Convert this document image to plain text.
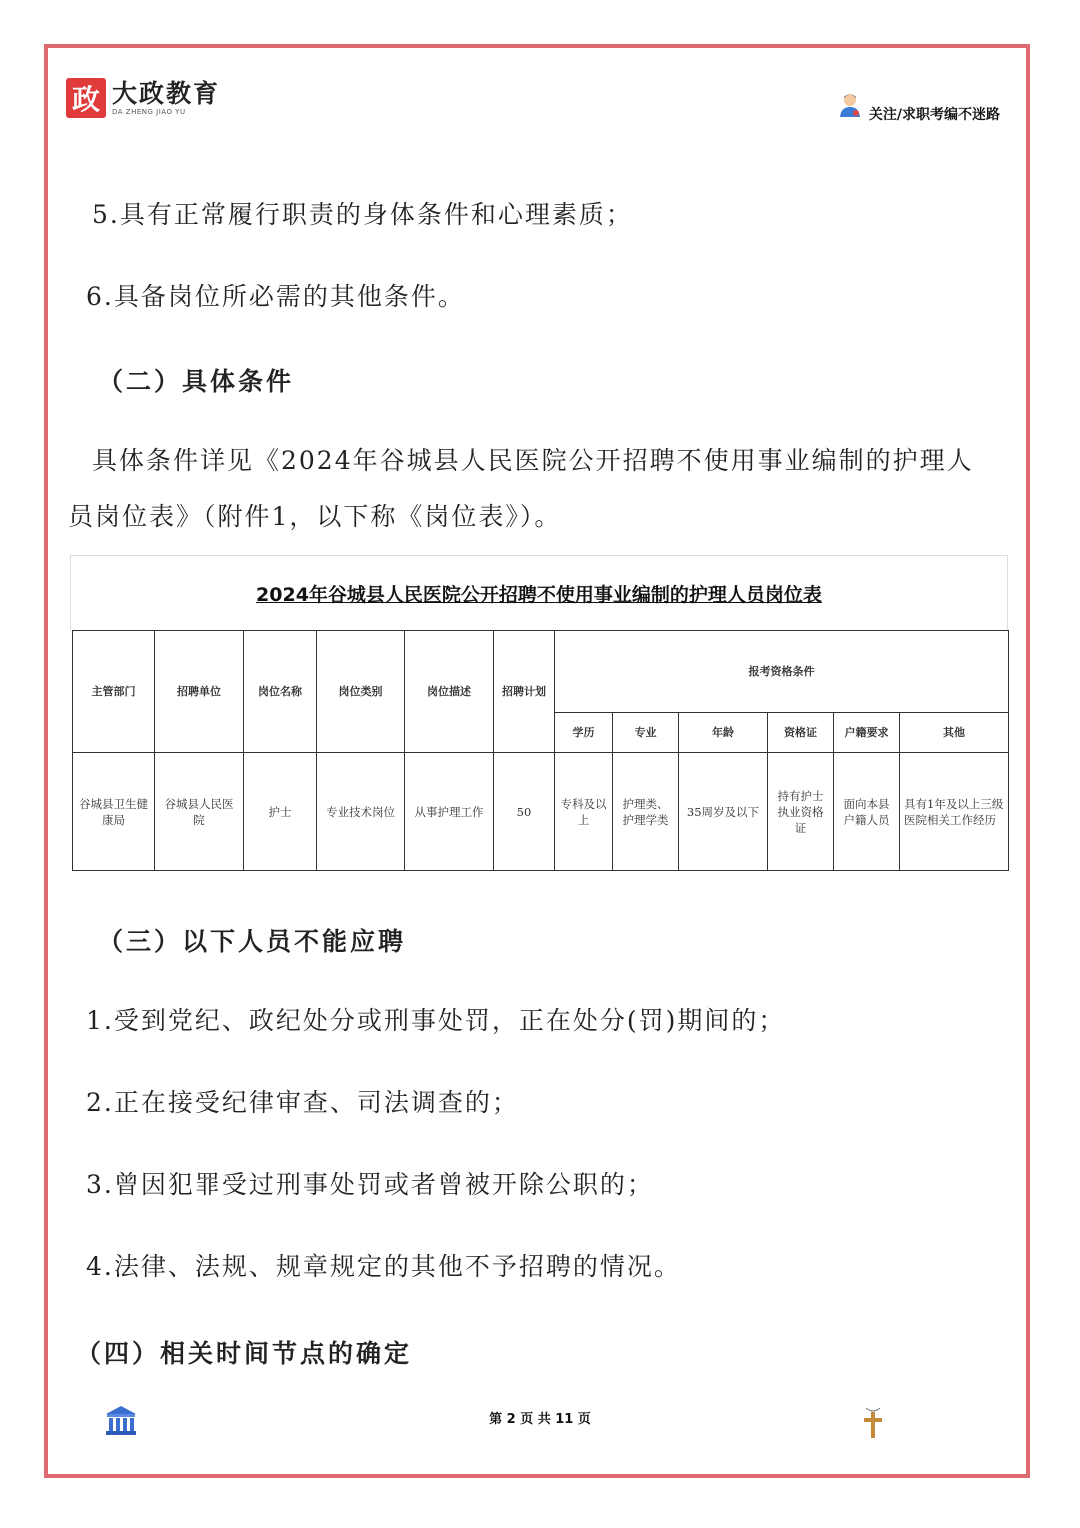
政 大政教育
DA ZHENG JIAO YU	关注/求职考编不迷路
5.具有正常履行职责的身体条件和心理素质；
6.具备岗位所必需的其他条件。
（二）具体条件
具体条件详见《2024年谷城县人民医院公开招聘不使用事业编制的护理人
员岗位表》（附件1，以下称《岗位表》）。
2024年谷城县人民医院公开招聘不使用事业编制的护理人员岗位表
主管部门	招聘单位	岗位名称	岗位类别	岗位描述	招聘计划	报考资格条件					
						学历	专业	年龄	资格证	户籍要求	其他
谷城县卫生健康局	谷城县人民医院	护士	专业技术岗位	从事护理工作	50	专科及以上	护理类、护理学类	35周岁及以下	持有护士执业资格证	面向本县户籍人员	具有1年及以上三级医院相关工作经历
（三）以下人员不能应聘
1.受到党纪、政纪处分或刑事处罚，正在处分(罚)期间的；
2.正在接受纪律审查、司法调查的；
3.曾因犯罪受过刑事处罚或者曾被开除公职的；
4.法律、法规、规章规定的其他不予招聘的情况。
（四）相关时间节点的确定
第 2 页 共 11 页
